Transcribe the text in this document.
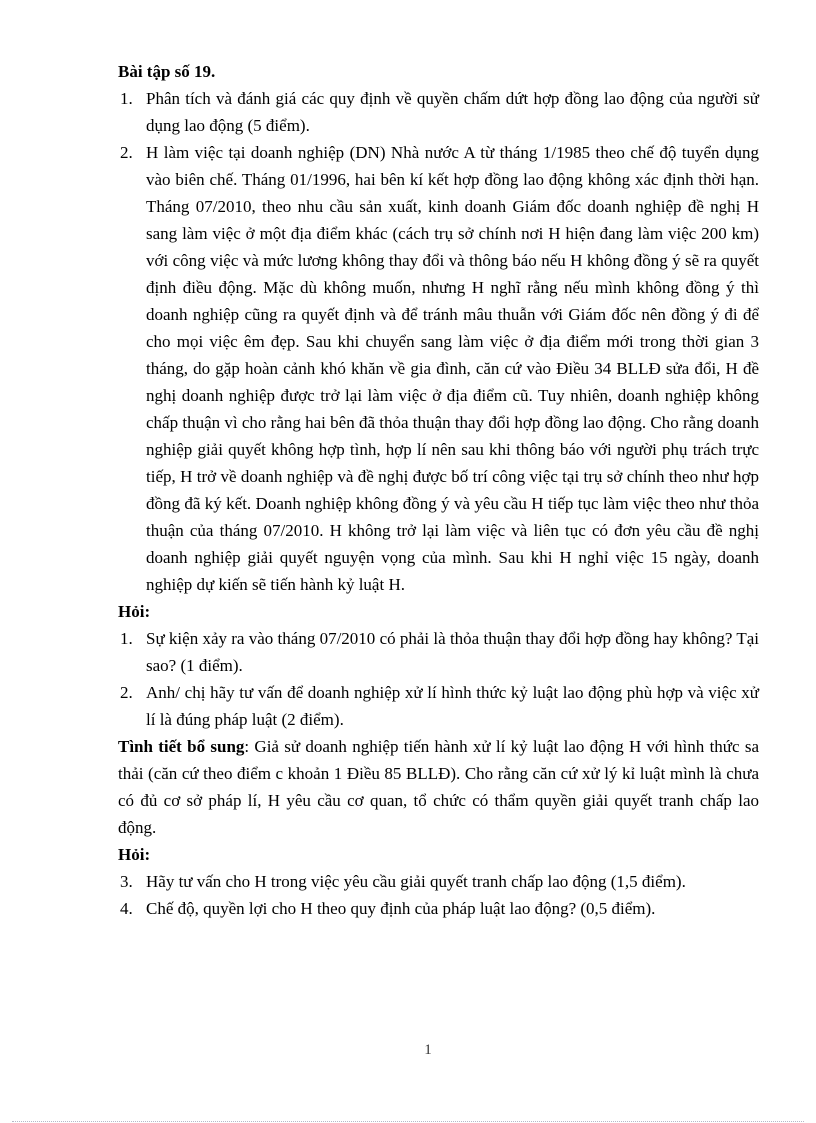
Bài tập số 19.
1. Phân tích và đánh giá các quy định về quyền chấm dứt hợp đồng lao động của người sử dụng lao động (5 điểm).
2. H làm việc tại doanh nghiệp (DN) Nhà nước A từ tháng 1/1985 theo chế độ tuyển dụng vào biên chế. Tháng 01/1996, hai bên kí kết hợp đồng lao động không xác định thời hạn. Tháng 07/2010, theo nhu cầu sản xuất, kinh doanh Giám đốc doanh nghiệp đề nghị H sang làm việc ở một địa điểm khác (cách trụ sở chính nơi H hiện đang làm việc 200 km) với công việc và mức lương không thay đổi và thông báo nếu H không đồng ý sẽ ra quyết định điều động. Mặc dù không muốn, nhưng H nghĩ rằng nếu mình không đồng ý thì doanh nghiệp cũng ra quyết định và để tránh mâu thuẫn với Giám đốc nên đồng ý đi để cho mọi việc êm đẹp. Sau khi chuyển sang làm việc ở địa điểm mới trong thời gian 3 tháng, do gặp hoàn cảnh khó khăn về gia đình, căn cứ vào Điều 34 BLLĐ sửa đổi, H đề nghị doanh nghiệp được trở lại làm việc ở địa điểm cũ. Tuy nhiên, doanh nghiệp không chấp thuận vì cho rằng hai bên đã thỏa thuận thay đổi hợp đồng lao động. Cho rằng doanh nghiệp giải quyết không hợp tình, hợp lí nên sau khi thông báo với người phụ trách trực tiếp, H trở về doanh nghiệp và đề nghị được bố trí công việc tại trụ sở chính theo như hợp đồng đã ký kết. Doanh nghiệp không đồng ý và yêu cầu H tiếp tục làm việc theo như thỏa thuận của tháng 07/2010. H không trở lại làm việc và liên tục có đơn yêu cầu đề nghị doanh nghiệp giải quyết nguyện vọng của mình. Sau khi H nghỉ việc 15 ngày, doanh nghiệp dự kiến sẽ tiến hành kỷ luật H.
Hỏi:
1. Sự kiện xảy ra vào tháng 07/2010 có phải là thỏa thuận thay đổi hợp đồng hay không? Tại sao? (1 điểm).
2. Anh/ chị hãy tư vấn để doanh nghiệp xử lí hình thức kỷ luật lao động phù hợp và việc xử lí là đúng pháp luật (2 điểm).

Tình tiết bổ sung: Giả sử doanh nghiệp tiến hành xử lí kỷ luật lao động H với hình thức sa thải (căn cứ theo điểm c khoản 1 Điều 85 BLLĐ). Cho rằng căn cứ xử lý kỉ luật mình là chưa có đủ cơ sở pháp lí, H yêu cầu cơ quan, tổ chức có thẩm quyền giải quyết tranh chấp lao động.

Hỏi:
3. Hãy tư vấn cho H trong việc yêu cầu giải quyết tranh chấp lao động (1,5 điểm).
4. Chế độ, quyền lợi cho H theo quy định của pháp luật lao động? (0,5 điểm).
1
